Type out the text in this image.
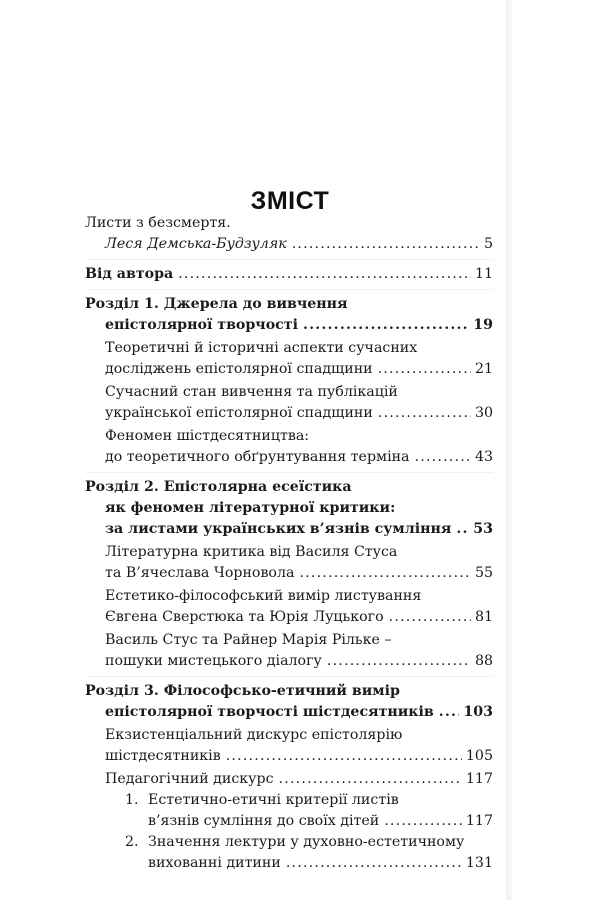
ЗМІСТ
Листи з безсмертя.
Леся Демська-Будзуляк .....	5
Від автора .....	11
Розділ 1. Джерела до вивчення
епістолярної творчості .....	19
Теоретичні й історичні аспекти сучасних
досліджень епістолярної спадщини .....	21
Сучасний стан вивчення та публікацій
української епістолярної спадщини .....	30
Феномен шістдесятництва:
до теоретичного обґрунтування терміна .....	43
Розділ 2. Епістолярна есеїстика
як феномен літературної критики:
за листами українських в’язнів сумління ..... 53
Літературна критика від Василя Стуса
та В’ячеслава Чорновола .....	55
Естетико-філософський вимір листування
Євгена Сверстюка та Юрія Луцького .....	81
Василь Стус та Райнер Марія Рільке –
пошуки мистецького діалогу .....	88
Розділ 3. Філософсько-етичний вимір
епістолярної творчості шістдесятників ..... 103
Екзистенціальний дискурс епістолярію
шістдесятників .....	105
Педагогічний дискурс .....	117
1. Естетично-етичні критерії листів
в’язнів сумління до своїх дітей .....	117
2. Значення лектури у духовно-естетичному
вихованні дитини .....	131
